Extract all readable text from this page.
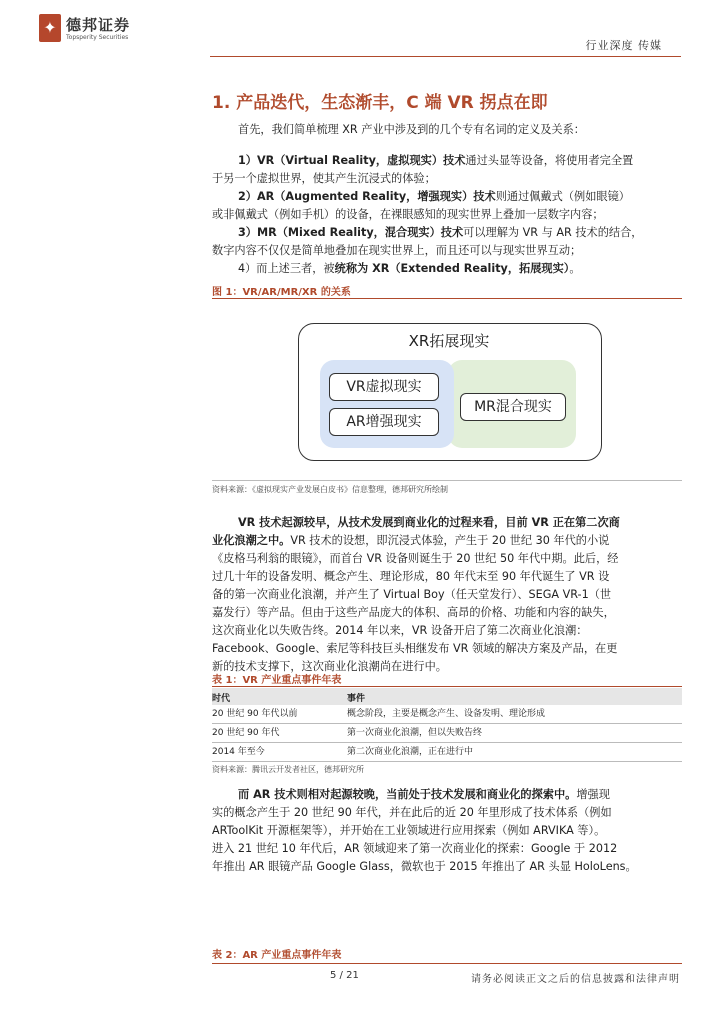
✦ 德邦证券
Topsperity Securities
行业深度 传媒
1. 产品迭代，生态渐丰，C 端 VR 拐点在即
首先，我们简单梳理 XR 产业中涉及到的几个专有名词的定义及关系：
1）VR（Virtual Reality，虚拟现实）技术通过头显等设备，将使用者完全置
于另一个虚拟世界，使其产生沉浸式的体验；
2）AR（Augmented Reality，增强现实）技术则通过佩戴式（例如眼镜）
或非佩戴式（例如手机）的设备，在裸眼感知的现实世界上叠加一层数字内容；
3）MR（Mixed Reality，混合现实）技术可以理解为 VR 与 AR 技术的结合，
数字内容不仅仅是简单地叠加在现实世界上，而且还可以与现实世界互动；
4）而上述三者，被统称为 XR（Extended Reality，拓展现实）。
图 1：VR/AR/MR/XR 的关系
XR拓展现实
VR虚拟现实
AR增强现实
MR混合现实
资料来源：《虚拟现实产业发展白皮书》信息整理，德邦研究所绘制
VR 技术起源较早，从技术发展到商业化的过程来看，目前 VR 正在第二次商
业化浪潮之中。VR 技术的设想，即沉浸式体验，产生于 20 世纪 30 年代的小说
《皮格马利翁的眼镜》，而首台 VR 设备则诞生于 20 世纪 50 年代中期。此后，经
过几十年的设备发明、概念产生、理论形成，80 年代末至 90 年代诞生了 VR 设
备的第一次商业化浪潮，并产生了 Virtual Boy（任天堂发行）、SEGA VR-1（世
嘉发行）等产品。但由于这些产品庞大的体积、高昂的价格、功能和内容的缺失，
这次商业化以失败告终。2014 年以来，VR 设备开启了第二次商业化浪潮：
Facebook、Google、索尼等科技巨头相继发布 VR 领域的解决方案及产品，在更
新的技术支撑下，这次商业化浪潮尚在进行中。
表 1：VR 产业重点事件年表
时代	事件
20 世纪 90 年代以前	概念阶段，主要是概念产生、设备发明、理论形成
20 世纪 90 年代	第一次商业化浪潮，但以失败告终
2014 年至今	第二次商业化浪潮，正在进行中
资料来源：腾讯云开发者社区，德邦研究所
而 AR 技术则相对起源较晚，当前处于技术发展和商业化的探索中。增强现
实的概念产生于 20 世纪 90 年代，并在此后的近 20 年里形成了技术体系（例如
ARToolKit 开源框架等），并开始在工业领域进行应用探索（例如 ARVIKA 等）。
进入 21 世纪 10 年代后，AR 领域迎来了第一次商业化的探索：Google 于 2012
年推出 AR 眼镜产品 Google Glass，微软也于 2015 年推出了 AR 头显 HoloLens。
表 2：AR 产业重点事件年表
5 / 21	请务必阅读正文之后的信息披露和法律声明
